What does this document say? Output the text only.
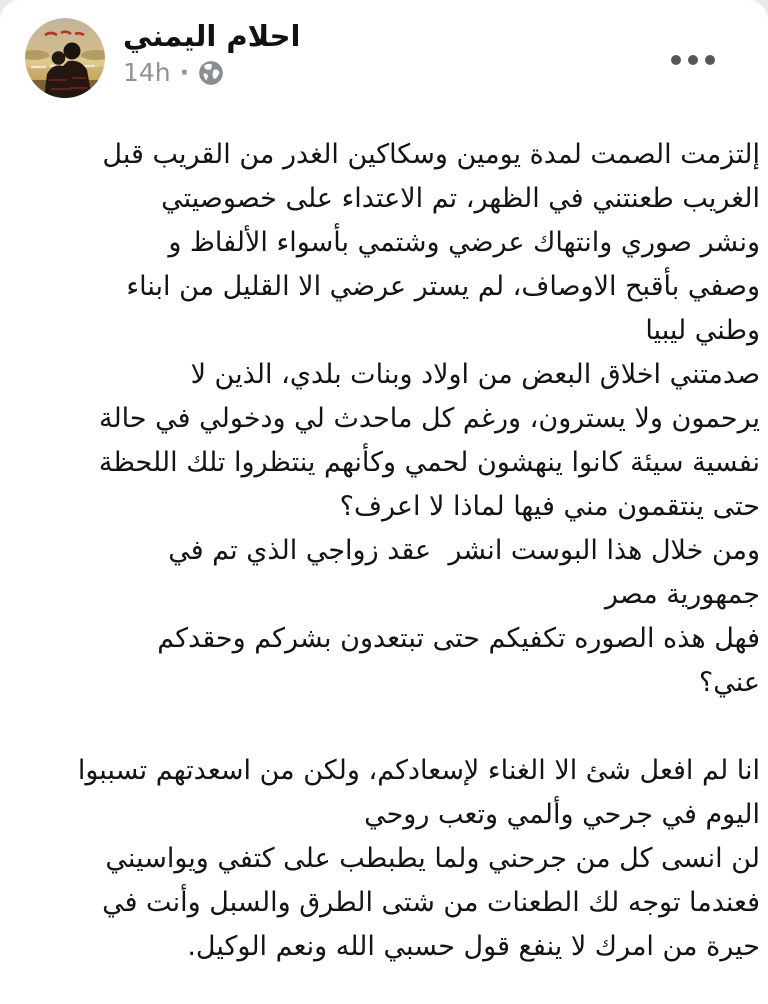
احلام اليمني
14h ·
إلتزمت الصمت لمدة يومين وسكاكين الغدر من القريب قبل
الغريب طعنتني في الظهر، تم الاعتداء على خصوصيتي
ونشر صوري وانتهاك عرضي وشتمي بأسواء الألفاظ و
وصفي بأقبح الاوصاف، لم يستر عرضي الا القليل من ابناء
وطني ليبيا
صدمتني اخلاق البعض من اولاد وبنات بلدي، الذين لا
يرحمون ولا يسترون، ورغم كل ماحدث لي ودخولي في حالة
نفسية سيئة كانوا ينهشون لحمي وكأنهم ينتظروا تلك اللحظة
حتى ينتقمون مني فيها لماذا لا اعرف؟
ومن خلال هذا البوست انشر  عقد زواجي الذي تم في
جمهورية مصر
فهل هذه الصوره تكفيكم حتى تبتعدون بشركم وحقدكم
عني؟
انا لم افعل شئ الا الغناء لإسعادكم، ولكن من اسعدتهم تسببوا
اليوم في جرحي وألمي وتعب روحي
لن انسى كل من جرحني ولما يطبطب على كتفي ويواسيني
فعندما توجه لك الطعنات من شتى الطرق والسبل وأنت في
حيرة من امرك لا ينفع قول حسبي الله ونعم الوكيل.
